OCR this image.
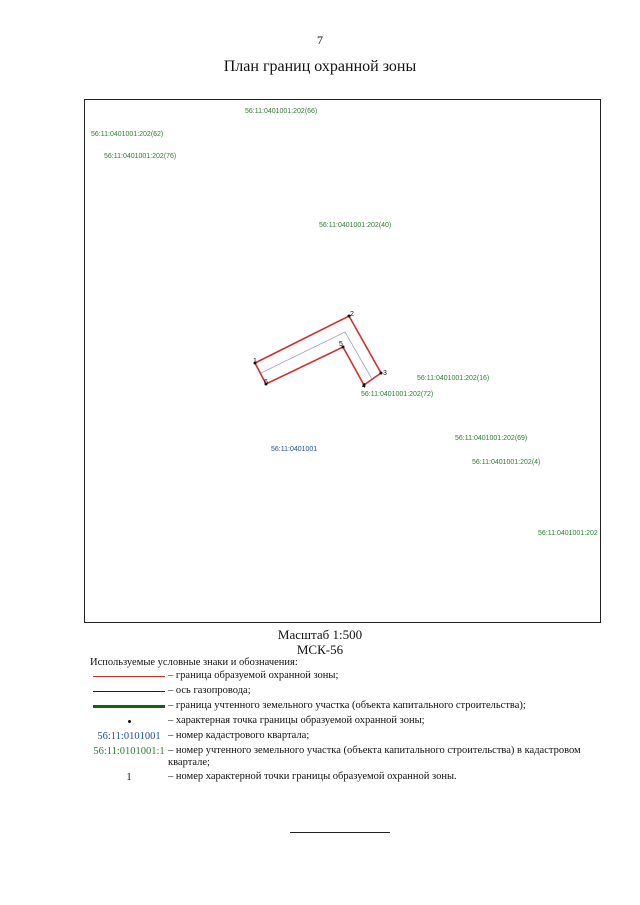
7
План границ охранной зоны
56:11:0401001:202(66)
56:11:0401001:202(62)
56:11:0401001:202(76)
56:11:0401001:202(40)
56:11:0401001:202(16)
56:11:0401001:202(72)
56:11:0401001:202(69)
56:11:0401001:202(4)
56:11:0401001:202
56:11:0401001
1
2
3
4
5
6
Масштаб 1:500
МСК-56
Используемые условные знаки и обозначения:
– граница образуемой охранной зоны;
– ось газопровода;
– граница учтенного земельного участка (объекта капитального строительства);
– характерная точка границы образуемой охранной зоны;
56:11:0101001 – номер кадастрового квартала;
56:11:0101001:1 – номер учтенного земельного участка (объекта капитального строительства) в кадастровом квартале;
1	– номер характерной точки границы образуемой охранной зоны.
